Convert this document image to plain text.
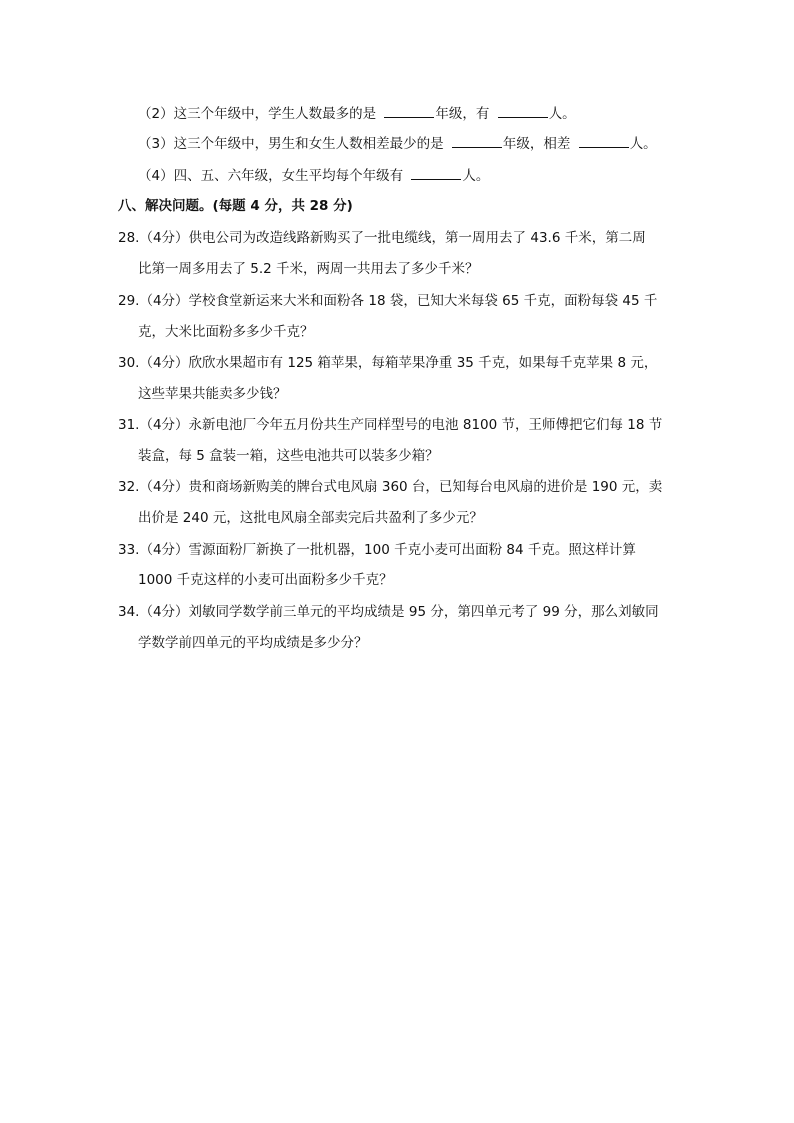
（2）这三个年级中，学生人数最多的是	年级，有	人。
（3）这三个年级中，男生和女生人数相差最少的是	年级，相差	人。
（4）四、五、六年级，女生平均每个年级有	人。
八、解决问题。(每题 4 分，共 28 分)
28.（4分）供电公司为改造线路新购买了一批电缆线，第一周用去了 43.6 千米，第二周
比第一周多用去了 5.2 千米，两周一共用去了多少千米？
29.（4分）学校食堂新运来大米和面粉各 18 袋，已知大米每袋 65 千克，面粉每袋 45 千
克，大米比面粉多多少千克？
30.（4分）欣欣水果超市有 125 箱苹果，每箱苹果净重 35 千克，如果每千克苹果 8 元，
这些苹果共能卖多少钱？
31.（4分）永新电池厂今年五月份共生产同样型号的电池 8100 节，王师傅把它们每 18 节
装盒，每 5 盒装一箱，这些电池共可以装多少箱？
32.（4分）贵和商场新购美的牌台式电风扇 360 台，已知每台电风扇的进价是 190 元，卖
出价是 240 元，这批电风扇全部卖完后共盈利了多少元？
33.（4分）雪源面粉厂新换了一批机器，100 千克小麦可出面粉 84 千克。照这样计算
1000 千克这样的小麦可出面粉多少千克？
34.（4分）刘敏同学数学前三单元的平均成绩是 95 分，第四单元考了 99 分，那么刘敏同
学数学前四单元的平均成绩是多少分？
